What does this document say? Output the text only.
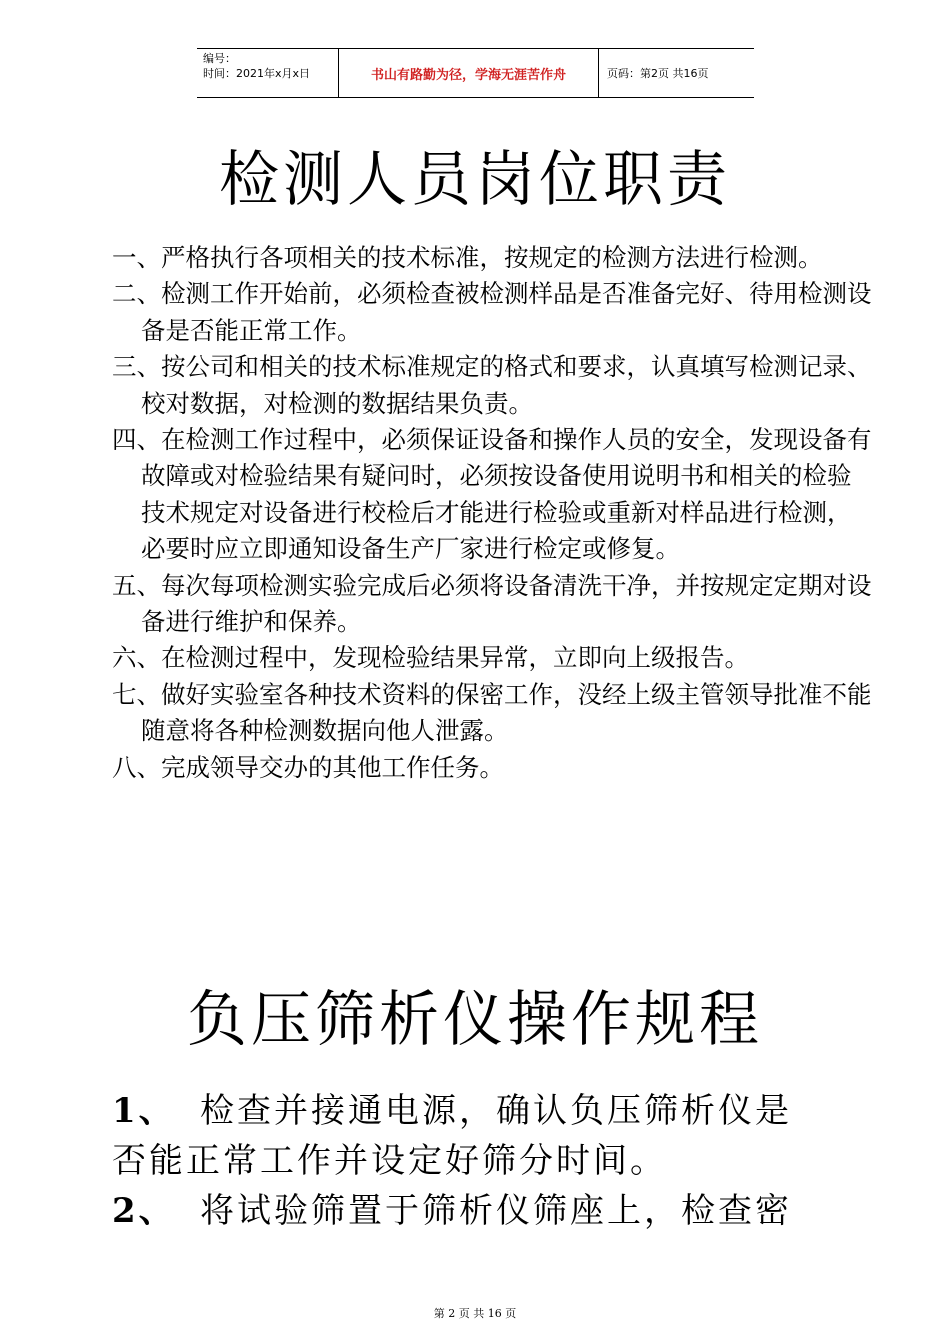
编号：
时间：2021年x月x日	书山有路勤为径，学海无涯苦作舟	页码：第2页 共16页
检测人员岗位职责
一、严格执行各项相关的技术标准，按规定的检测方法进行检测。
二、检测工作开始前，必须检查被检测样品是否准备完好、待用检测设备是否能正常工作。
三、按公司和相关的技术标准规定的格式和要求，认真填写检测记录、校对数据，对检测的数据结果负责。
四、在检测工作过程中，必须保证设备和操作人员的安全，发现设备有故障或对检验结果有疑问时，必须按设备使用说明书和相关的检验技术规定对设备进行校检后才能进行检验或重新对样品进行检测，必要时应立即通知设备生产厂家进行检定或修复。
五、每次每项检测实验完成后必须将设备清洗干净，并按规定定期对设备进行维护和保养。
六、在检测过程中，发现检验结果异常，立即向上级报告。
七、做好实验室各种技术资料的保密工作，没经上级主管领导批准不能随意将各种检测数据向他人泄露。
八、完成领导交办的其他工作任务。
负压筛析仪操作规程
1、 检查并接通电源，确认负压筛析仪是
否能正常工作并设定好筛分时间。
2、 将试验筛置于筛析仪筛座上，检查密
第 2 页 共 16 页
